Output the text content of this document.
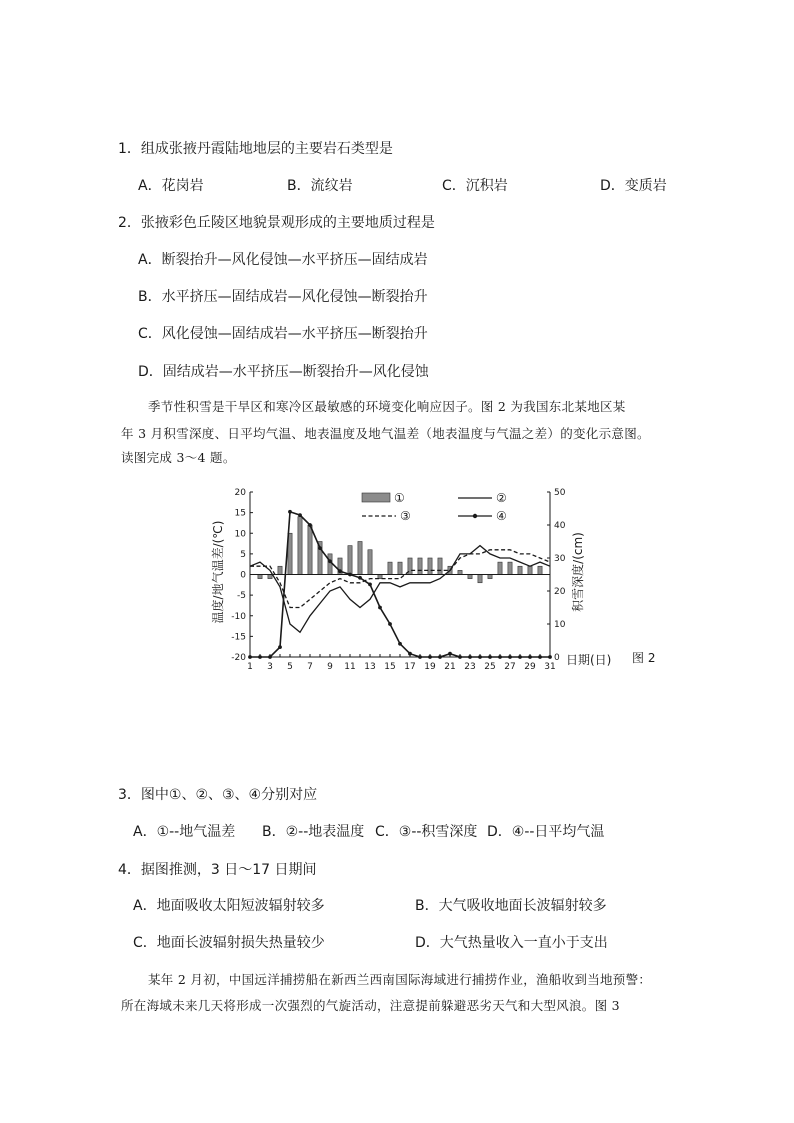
1．组成张掖丹霞陆地地层的主要岩石类型是
A．花岗岩	B．流纹岩	C．沉积岩	D．变质岩
2．张掖彩色丘陵区地貌景观形成的主要地质过程是
A．断裂抬升—风化侵蚀—水平挤压—固结成岩
B．水平挤压—固结成岩—风化侵蚀—断裂抬升
C．风化侵蚀—固结成岩—水平挤压—断裂抬升
D．固结成岩—水平挤压—断裂抬升—风化侵蚀
季节性积雪是干旱区和寒冷区最敏感的环境变化响应因子。图 2 为我国东北某地区某
年 3 月积雪深度、日平均气温、地表温度及地气温差（地表温度与气温之差）的变化示意图。
读图完成 3～4 题。
20
15
10
5
0
-5
-10
-15
-20
50
40
30
20
10
0
1 3 5 7 9 11 13 15 17 19 21 23 25 27 29 31
①	②
③	④
温度/地气温差/(℃)	积雪深度/(cm)
日期(日) 图 2
3．图中①、②、③、④分别对应
A．①--地气温差 B．②--地表温度 C．③--积雪深度 D．④--日平均气温
4．据图推测，3 日～17 日期间
A．地面吸收太阳短波辐射较多	B．大气吸收地面长波辐射较多
C．地面长波辐射损失热量较少	D．大气热量收入一直小于支出
某年 2 月初，中国远洋捕捞船在新西兰西南国际海域进行捕捞作业，渔船收到当地预警：
所在海域未来几天将形成一次强烈的气旋活动，注意提前躲避恶劣天气和大型风浪。图 3
